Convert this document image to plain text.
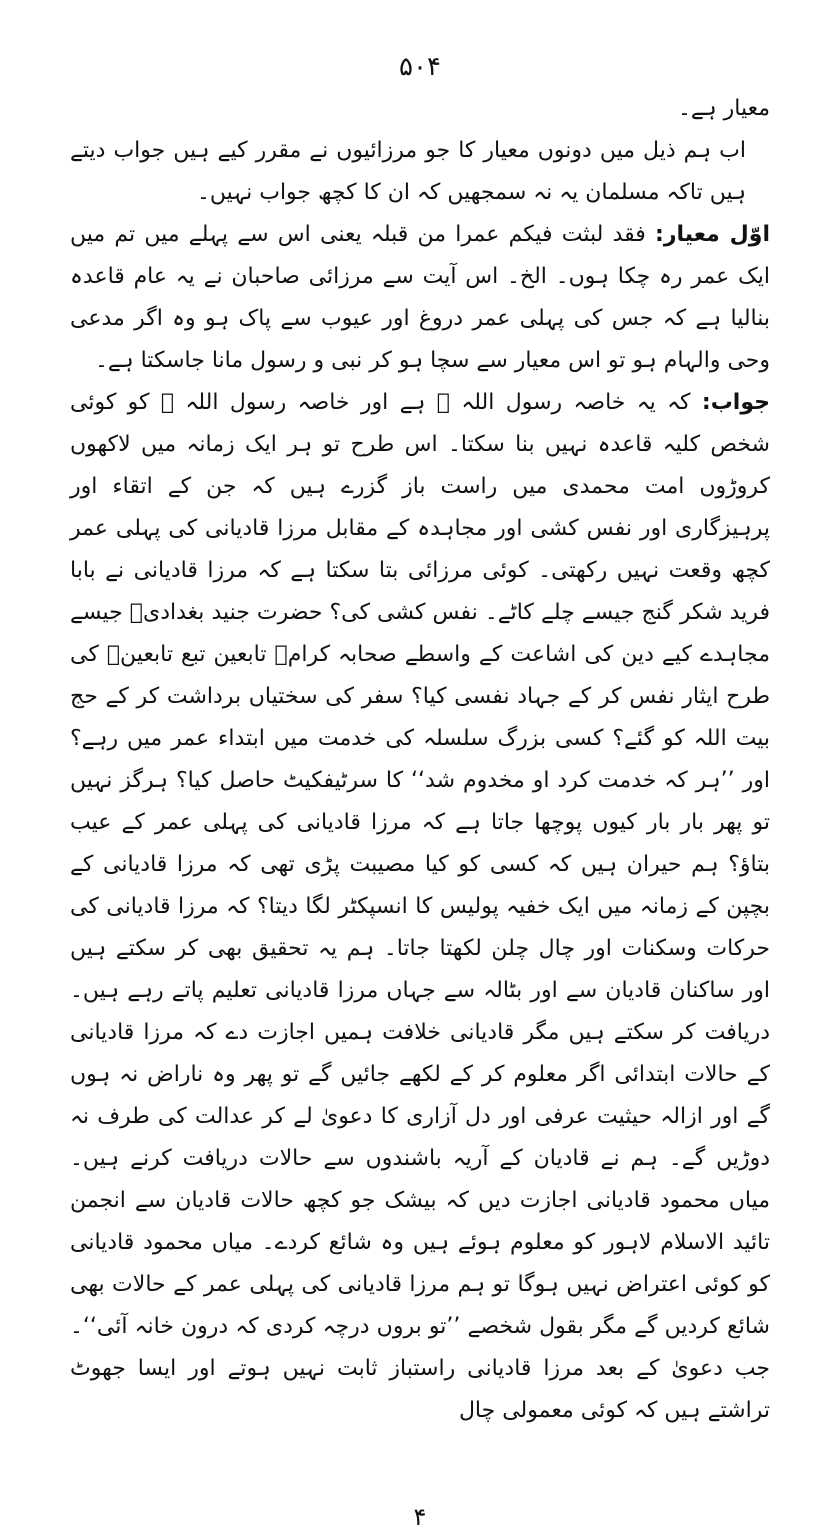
۵۰۴

معیار ہے۔

اب ہم ذیل میں دونوں معیار کا جو مرزائیوں نے مقرر کیے ہیں جواب دیتے ہیں تاکہ مسلمان یہ نہ سمجھیں کہ ان کا کچھ جواب نہیں۔

اوّل معیار: فقد لبثت فیکم عمرا من قبلہ یعنی اس سے پہلے میں تم میں ایک عمر رہ چکا ہوں۔ الخ۔ اس آیت سے مرزائی صاحبان نے یہ عام قاعدہ بنالیا ہے کہ جس کی پہلی عمر دروغ اور عیوب سے پاک ہو وہ اگر مدعی وحی والہام ہو تو اس معیار سے سچا ہو کر نبی و رسول مانا جاسکتا ہے۔

جواب: کہ یہ خاصہ رسول اللہ ﷺ ہے اور خاصہ رسول اللہ ﷺ کو کوئی شخص کلیہ قاعدہ نہیں بنا سکتا۔ اس طرح تو ہر ایک زمانہ میں لاکھوں کروڑوں امت محمدی میں راست باز گزرے ہیں کہ جن کے اتقاء اور پرہیزگاری اور نفس کشی اور مجاہدہ کے مقابل مرزا قادیانی کی پہلی عمر کچھ وقعت نہیں رکھتی۔ کوئی مرزائی بتا سکتا ہے کہ مرزا قادیانی نے بابا فرید شکر گنج جیسے چلے کاٹے۔ نفس کشی کی؟ حضرت جنید بغدادیؒ جیسے مجاہدے کیے دین کی اشاعت کے واسطے صحابہ کرامؓ تابعین تبع تابعینؒ کی طرح ایثار نفس کر کے جہاد نفسی کیا؟ سفر کی سختیاں برداشت کر کے حج بیت اللہ کو گئے؟ کسی بزرگ سلسلہ کی خدمت میں ابتداء عمر میں رہے؟ اور ’’ہر کہ خدمت کرد او مخدوم شد‘‘ کا سرٹیفکیٹ حاصل کیا؟ ہرگز نہیں تو پھر بار بار کیوں پوچھا جاتا ہے کہ مرزا قادیانی کی پہلی عمر کے عیب بتاؤ؟ ہم حیران ہیں کہ کسی کو کیا مصیبت پڑی تھی کہ مرزا قادیانی کے بچپن کے زمانہ میں ایک خفیہ پولیس کا انسپکٹر لگا دیتا؟ کہ مرزا قادیانی کی حرکات وسکنات اور چال چلن لکھتا جاتا۔ ہم یہ تحقیق بھی کر سکتے ہیں اور ساکنان قادیان سے اور بٹالہ سے جہاں مرزا قادیانی تعلیم پاتے رہے ہیں۔ دریافت کر سکتے ہیں مگر قادیانی خلافت ہمیں اجازت دے کہ مرزا قادیانی کے حالات ابتدائی اگر معلوم کر کے لکھے جائیں گے تو پھر وہ ناراض نہ ہوں گے اور ازالہ حیثیت عرفی اور دل آزاری کا دعویٰ لے کر عدالت کی طرف نہ دوڑیں گے۔ ہم نے قادیان کے آریہ باشندوں سے حالات دریافت کرنے ہیں۔ میاں محمود قادیانی اجازت دیں کہ بیشک جو کچھ حالات قادیان سے انجمن تائید الاسلام لاہور کو معلوم ہوئے ہیں وہ شائع کردے۔ میاں محمود قادیانی کو کوئی اعتراض نہیں ہوگا تو ہم مرزا قادیانی کی پہلی عمر کے حالات بھی شائع کردیں گے مگر بقول شخصے ’’تو بروں درچہ کردی کہ درون خانہ آئی‘‘۔ جب دعویٰ کے بعد مرزا قادیانی راستباز ثابت نہیں ہوتے اور ایسا جھوٹ تراشتے ہیں کہ کوئی معمولی چال

۴
